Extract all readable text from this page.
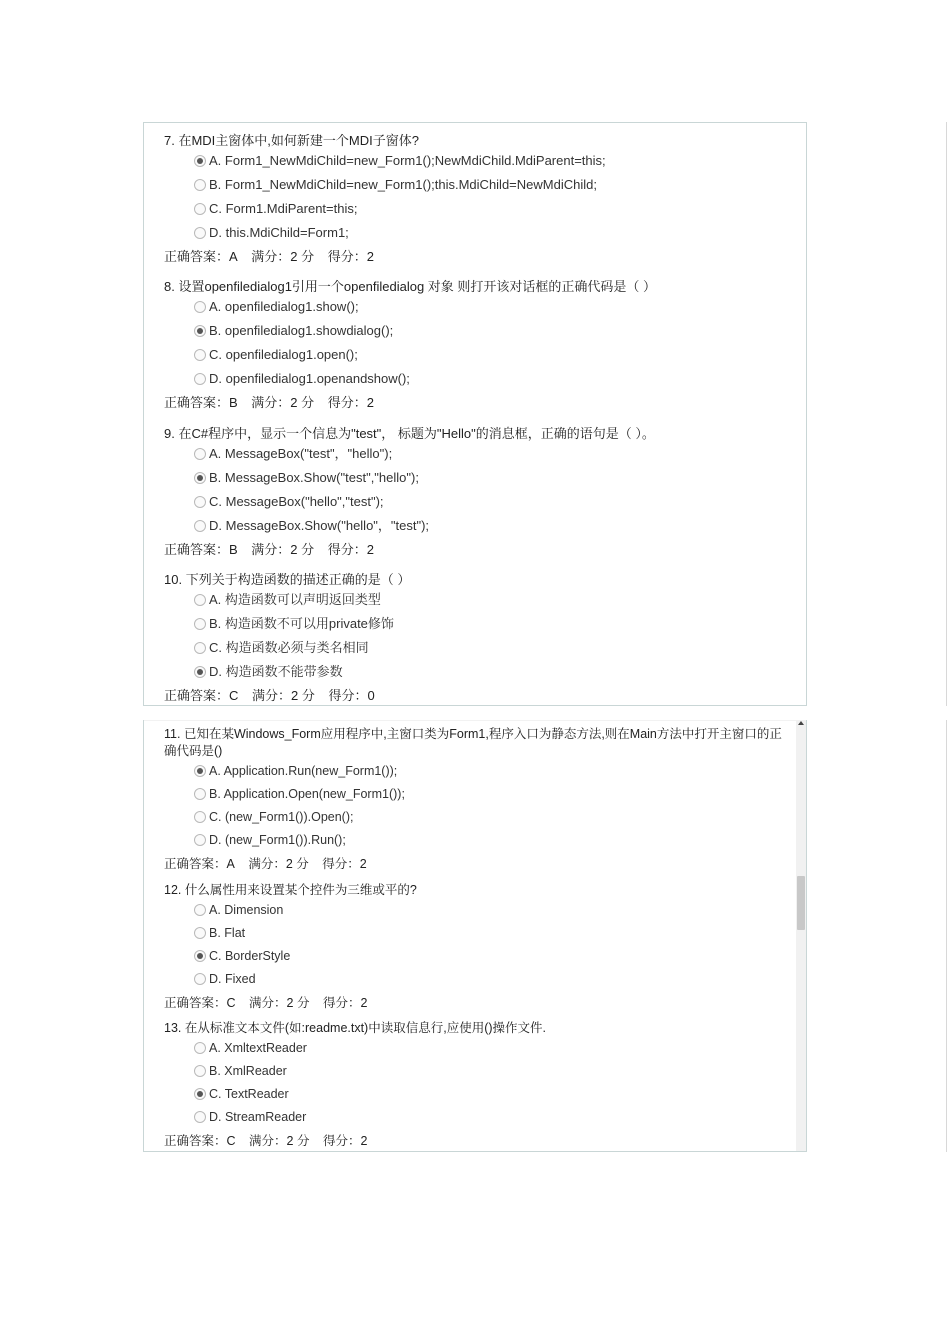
7. 在MDI主窗体中,如何新建一个MDI子窗体?
A. Form1_NewMdiChild=new_Form1();NewMdiChild.MdiParent=this;
B. Form1_NewMdiChild=new_Form1();this.MdiChild=NewMdiChild;
C. Form1.MdiParent=this;
D. this.MdiChild=Form1;
正确答案：A 满分：2 分 得分：2
8. 设置openfiledialog1引用一个openfiledialog 对象 则打开该对话框的正确代码是（ ）
A. openfiledialog1.show();
B. openfiledialog1.showdialog();
C. openfiledialog1.open();
D. openfiledialog1.openandshow();
正确答案：B 满分：2 分 得分：2
9. 在C#程序中，显示一个信息为"test"， 标题为"Hello"的消息框，正确的语句是（ ）。
A. MessageBox("test"，"hello");
B. MessageBox.Show("test","hello");
C. MessageBox("hello","test");
D. MessageBox.Show("hello"，"test");
正确答案：B 满分：2 分 得分：2
10. 下列关于构造函数的描述正确的是（ ）
A. 构造函数可以声明返回类型
B. 构造函数不可以用private修饰
C. 构造函数必须与类名相同
D. 构造函数不能带参数
正确答案：C 满分：2 分 得分：0
11. 已知在某Windows_Form应用程序中,主窗口类为Form1,程序入口为静态方法,则在Main方法中打开主窗口的正确代码是()
A. Application.Run(new_Form1());
B. Application.Open(new_Form1());
C. (new_Form1()).Open();
D. (new_Form1()).Run();
正确答案：A 满分：2 分 得分：2
12. 什么属性用来设置某个控件为三维或平的?
A. Dimension
B. Flat
C. BorderStyle
D. Fixed
正确答案：C 满分：2 分 得分：2
13. 在从标准文本文件(如:readme.txt)中读取信息行,应使用()操作文件.
A. XmltextReader
B. XmlReader
C. TextReader
D. StreamReader
正确答案：C 满分：2 分 得分：2
